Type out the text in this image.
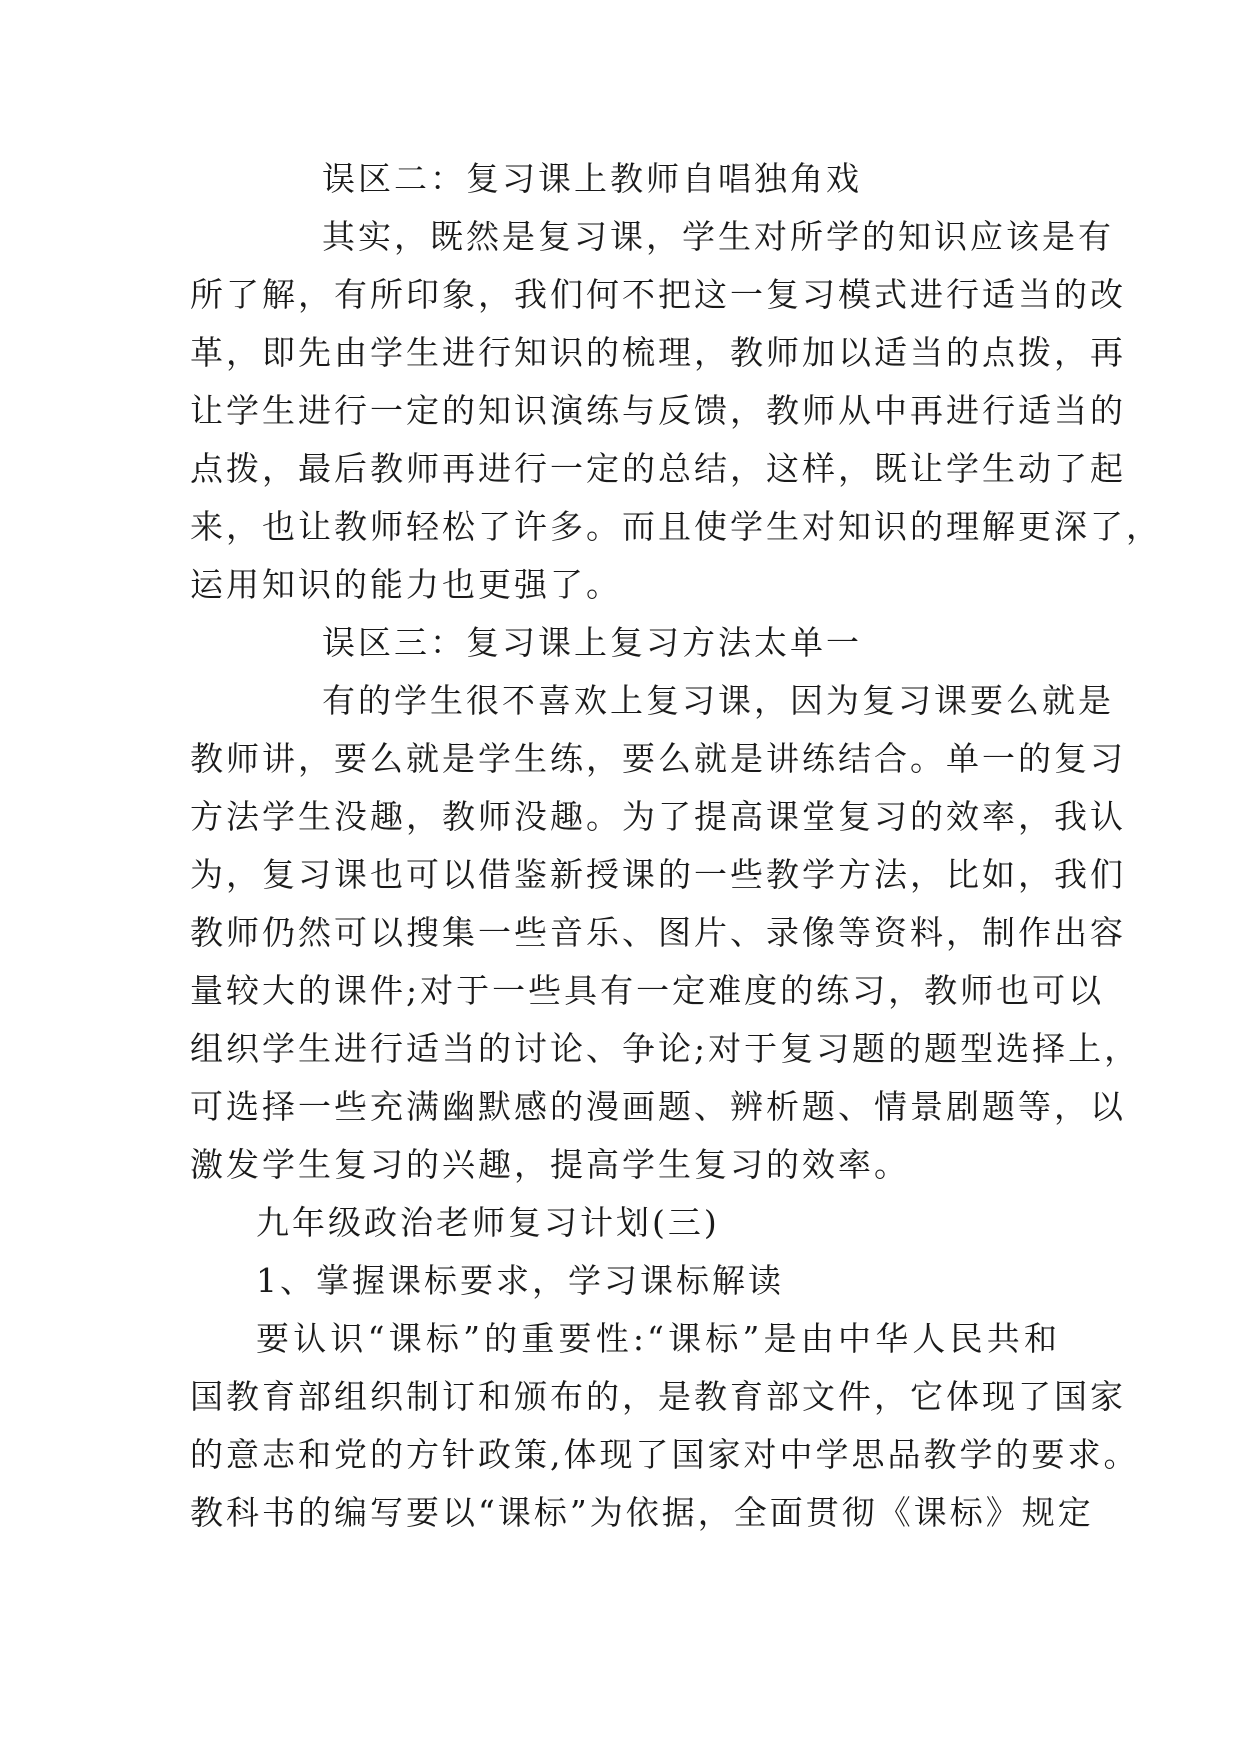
误区二：复习课上教师自唱独角戏
其实，既然是复习课，学生对所学的知识应该是有
所了解，有所印象，我们何不把这一复习模式进行适当的改
革，即先由学生进行知识的梳理，教师加以适当的点拨，再
让学生进行一定的知识演练与反馈，教师从中再进行适当的
点拨，最后教师再进行一定的总结，这样，既让学生动了起
来，也让教师轻松了许多。而且使学生对知识的理解更深了，
运用知识的能力也更强了。
误区三：复习课上复习方法太单一
有的学生很不喜欢上复习课，因为复习课要么就是
教师讲，要么就是学生练，要么就是讲练结合。单一的复习
方法学生没趣，教师没趣。为了提高课堂复习的效率，我认
为，复习课也可以借鉴新授课的一些教学方法，比如，我们
教师仍然可以搜集一些音乐、图片、录像等资料，制作出容
量较大的课件;对于一些具有一定难度的练习，教师也可以
组织学生进行适当的讨论、争论;对于复习题的题型选择上，
可选择一些充满幽默感的漫画题、辨析题、情景剧题等，以
激发学生复习的兴趣，提高学生复习的效率。
九年级政治老师复习计划(三)
1、掌握课标要求，学习课标解读
要认识“课标”的重要性:“课标”是由中华人民共和
国教育部组织制订和颁布的，是教育部文件，它体现了国家
的意志和党的方针政策,体现了国家对中学思品教学的要求。
教科书的编写要以“课标”为依据，全面贯彻《课标》规定
